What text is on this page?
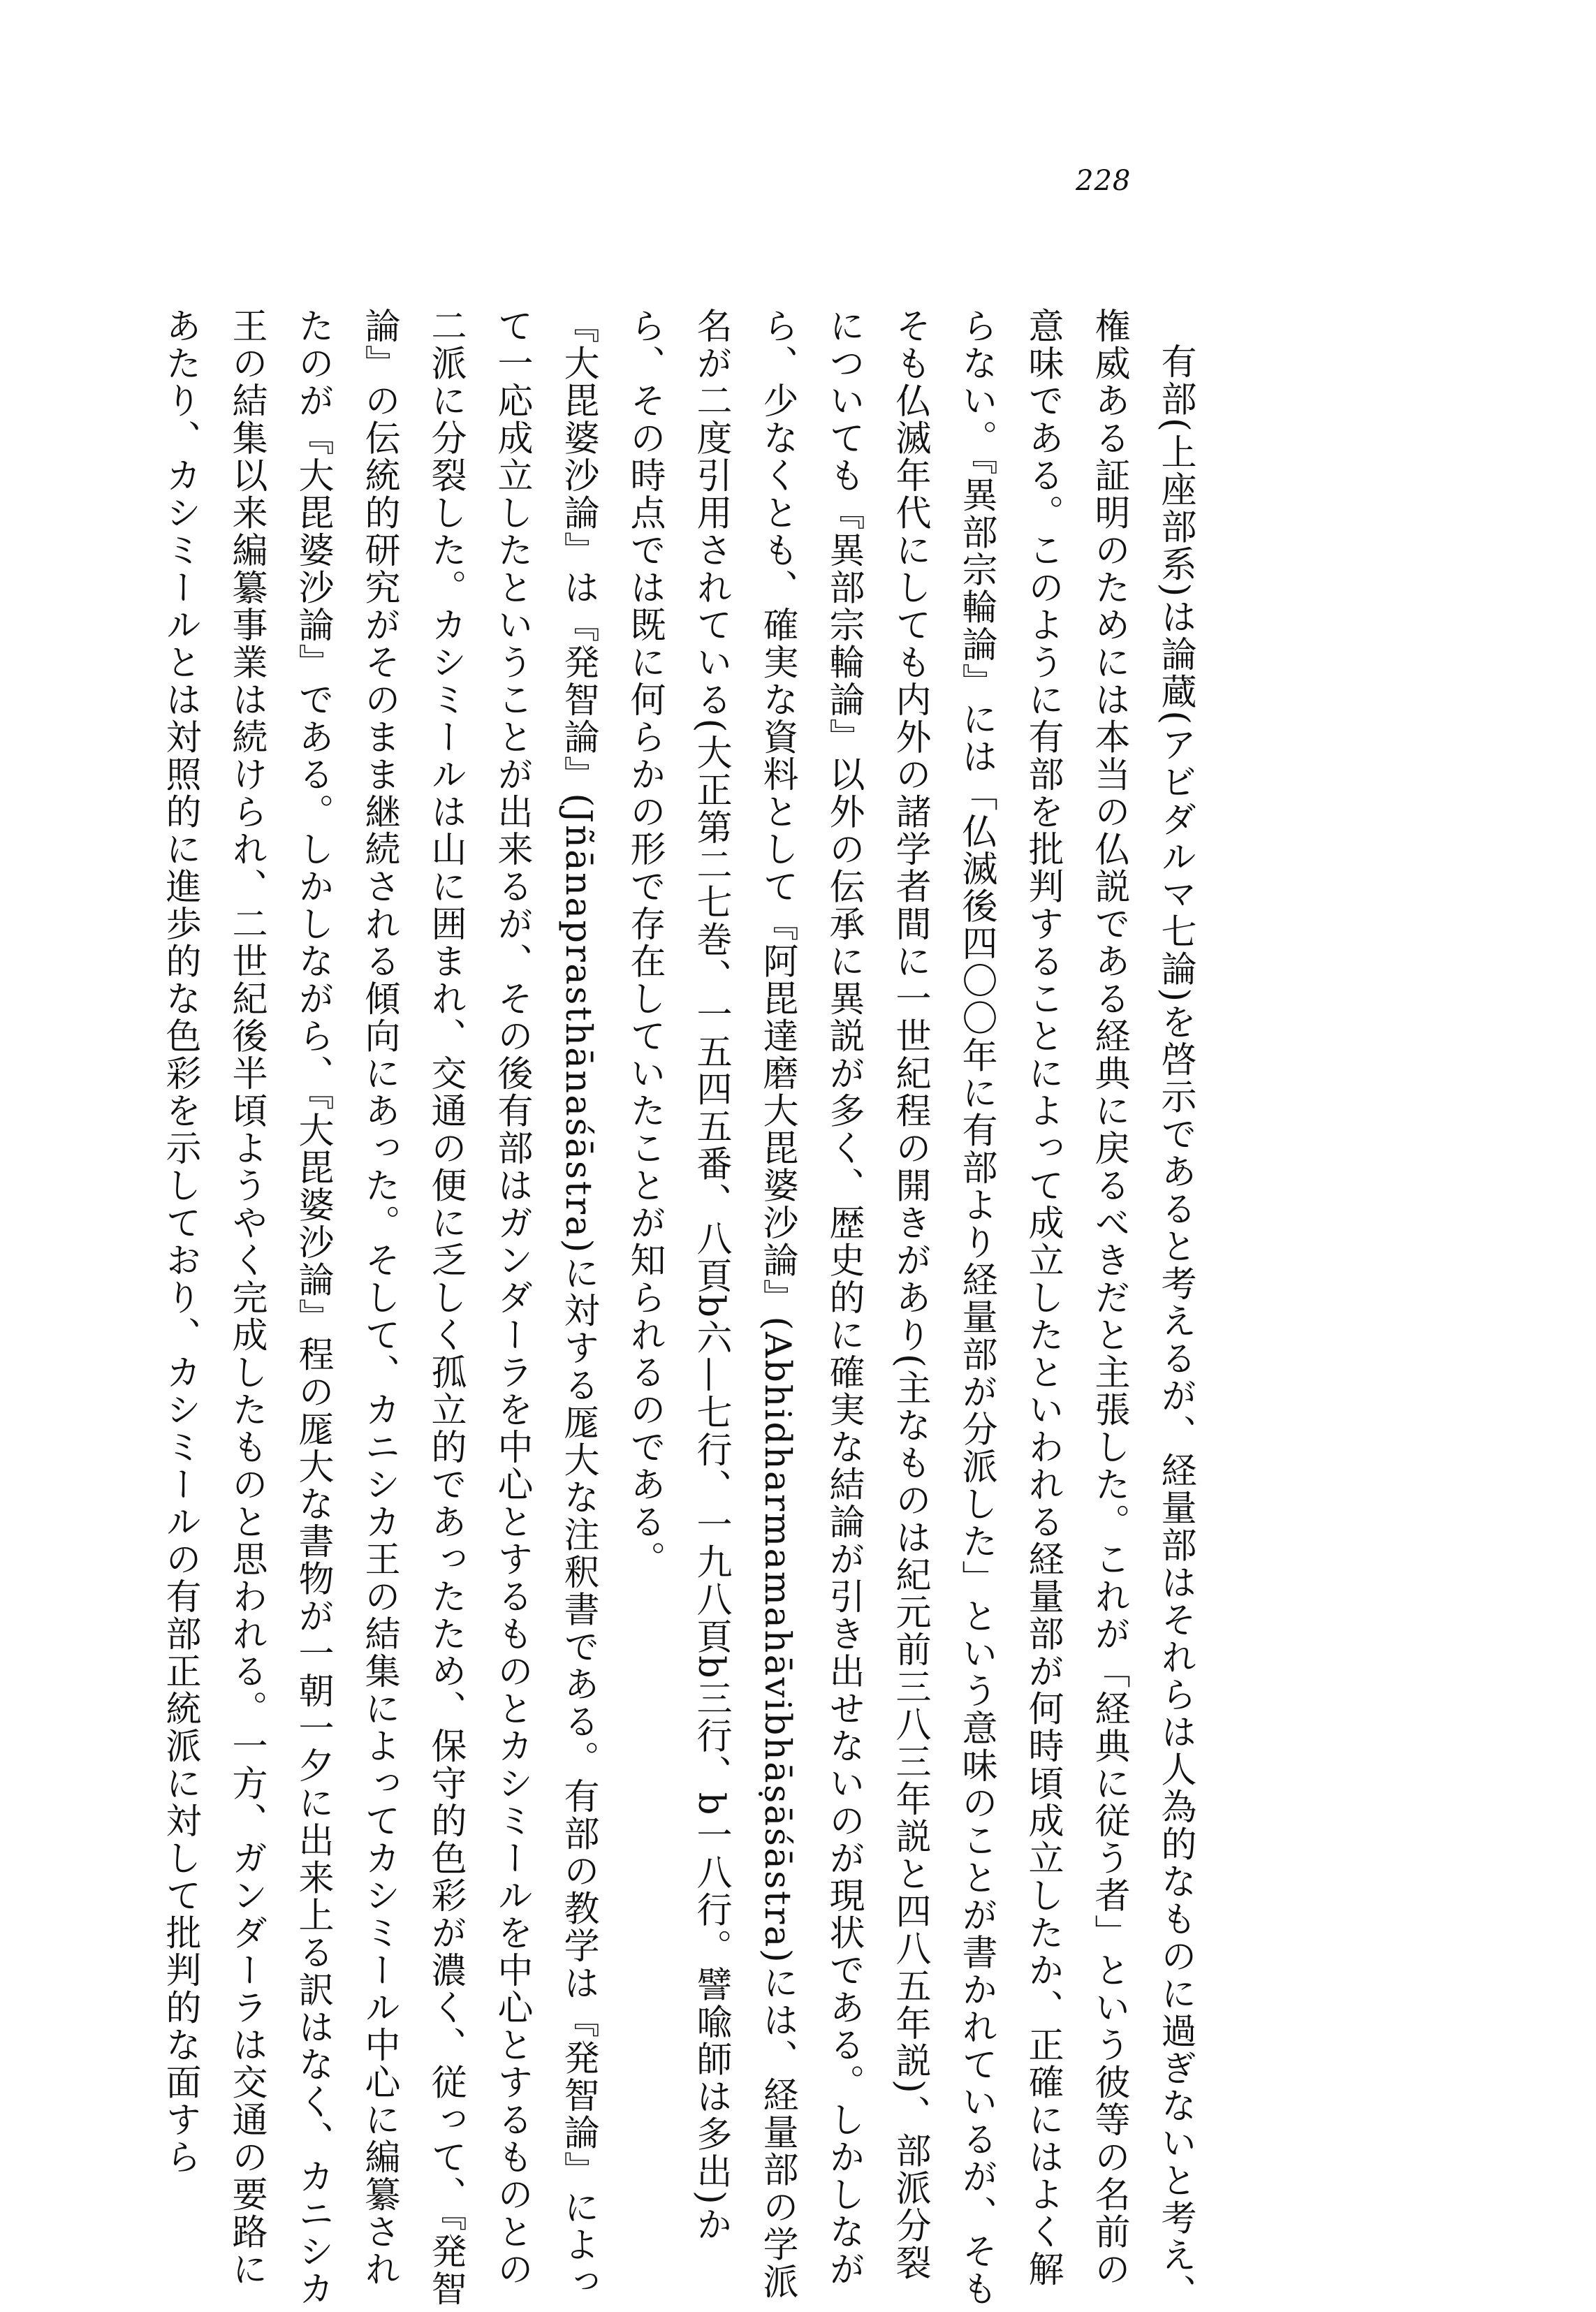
228

有部(上座部系)は論蔵(アビダルマ七論)を啓示であると考えるが、経量部はそれらは人為的なものに過ぎないと考え、権威ある証明のためには本当の仏説である経典に戻るべきだと主張した。これが「経典に従う者」という彼等の名前の意味である。このように有部を批判することによって成立したといわれる経量部が何時頃成立したか、正確にはよく解らない。『異部宗輪論』には「仏滅後四〇〇年に有部より経量部が分派した」という意味のことが書かれているが、そもそも仏滅年代にしても内外の諸学者間に一世紀程の開きがあり(主なものは紀元前三八三年説と四八五年説)、部派分裂についても『異部宗輪論』以外の伝承に異説が多く、歴史的に確実な結論が引き出せないのが現状である。しかしながら、少なくとも、確実な資料として『阿毘達磨大毘婆沙論』(Abhidharmamahāvibhāṣāśāstra)には、経量部の学派名が二度引用されている(大正第二七巻、一五四五番、八頁b六—七行、一九八頁b三行、b一八行。譬喩師は多出)から、その時点では既に何らかの形で存在していたことが知られるのである。

『大毘婆沙論』は『発智論』(Jñānaprasthānaśāstra)に対する厖大な注釈書である。有部の教学は『発智論』によって一応成立したということが出来るが、その後有部はガンダーラを中心とするものとカシミールを中心とするものとの二派に分裂した。カシミールは山に囲まれ、交通の便に乏しく孤立的であったため、保守的色彩が濃く、従って、『発智論』の伝統的研究がそのまま継続される傾向にあった。そして、カニシカ王の結集によってカシミール中心に編纂されたのが『大毘婆沙論』である。しかしながら、『大毘婆沙論』程の厖大な書物が一朝一夕に出来上る訳はなく、カニシカ王の結集以来編纂事業は続けられ、二世紀後半頃ようやく完成したものと思われる。一方、ガンダーラは交通の要路にあたり、カシミールとは対照的に進歩的な色彩を示しており、カシミールの有部正統派に対して批判的な面すら
